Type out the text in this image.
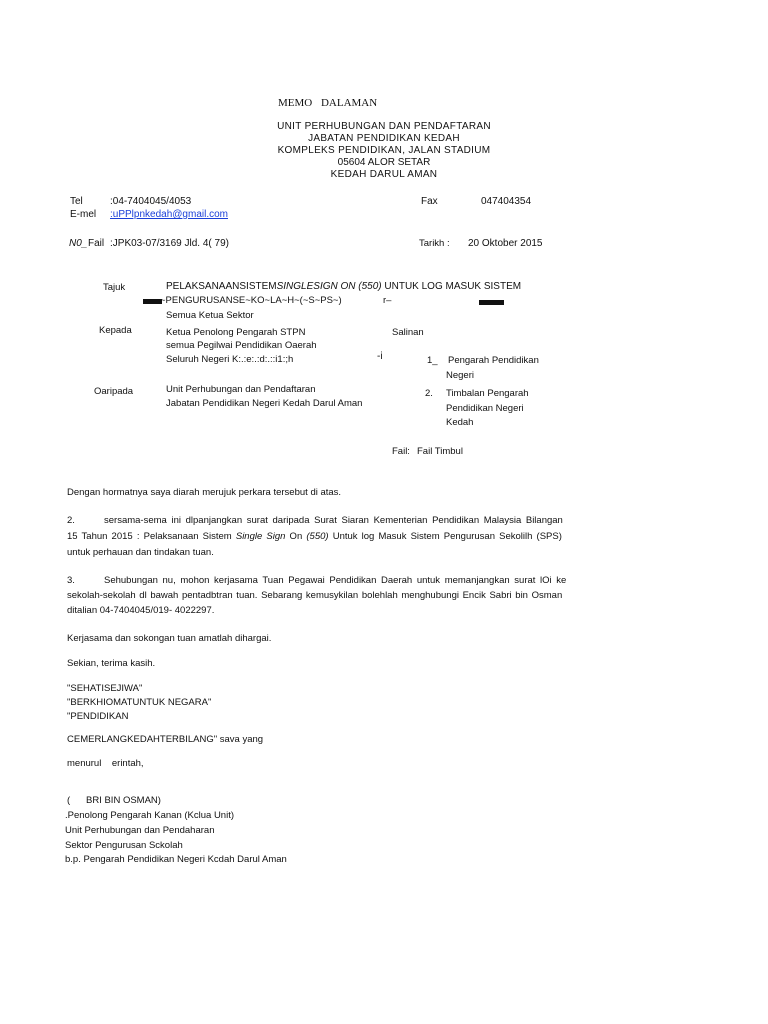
MEMO DALAMAN
UNIT PERHUBUNGAN DAN PENDAFTARAN
JABATAN PENDIDIKAN KEDAH
KOMPLEKS PENDIDIKAN, JALAN STADIUM
05604 ALOR SETAR
KEDAH DARUL AMAN
Tel	:04-7404045/4053
E-mel :uPPlpnkedah@gmail.com
Fax	047404354
N0_ Fail :JPK03-07/3169 Jld. 4( 79)	Tarikh : 20 Oktober 2015
Tajuk	PELAKSANAANSISTEMSINGLESIGN ON (550) UNTUK LOG MASUK SISTEM
~PENGURUSANSE~KO~LA~H~(~S~PS~)	r–
Semua Ketua Sektor
Kepada	Ketua Penolong Pengarah STPN
semua Pegilwai Pendidikan Oaerah
Seluruh Negeri K:.:e:.:d:.::i1:;h
Salinan
-i	1_ Pengarah Pendidikan
Negeri
2. Timbalan Pengarah
Pendidikan Negeri
Kedah
Oaripada	Unit Perhubungan dan Pendaftaran
Jabatan Pendidikan Negeri Kedah Darul Aman
Fail: Fail Timbul
Dengan hormatnya saya diarah merujuk perkara tersebut di atas.
2.	sersama-sema ini dlpanjangkan surat daripada Surat Siaran Kementerian Pendidikan Malaysia Bilangan
15 Tahun 2015 : Pelaksanaan Sistem Single Sign On (550) Untuk log Masuk Sistem Pengurusan Sekolilh (SPS)
untuk perhauan dan tindakan tuan.
3.	Sehubungan nu, mohon kerjasama Tuan Pegawai Pendidikan Daerah untuk memanjangkan surat lOi ke
sekolah-sekolah dl bawah pentadbtran tuan. Sebarang kemusykilan bolehlah menghubungi Encik Sabri bin Osman
ditalian 04-7404045/019- 4022297.
Kerjasama dan sokongan tuan amatlah dihargai.
Sekian, terima kasih.
"SEHATISEJIWA"
"BERKHIOMATUNTUK NEGARA"
"PENDIDIKAN
CEMERLANGKEDAHTERBILANG" sava yang
menurul    erintah,
(      BRI BIN OSMAN)
.Penolong Pengarah Kanan (Kclua Unit)
Unit Perhubungan dan Pendaharan
Sektor Pengurusan Sckolah
b.p. Pengarah Pendidikan Negeri Kcdah Darul Aman
